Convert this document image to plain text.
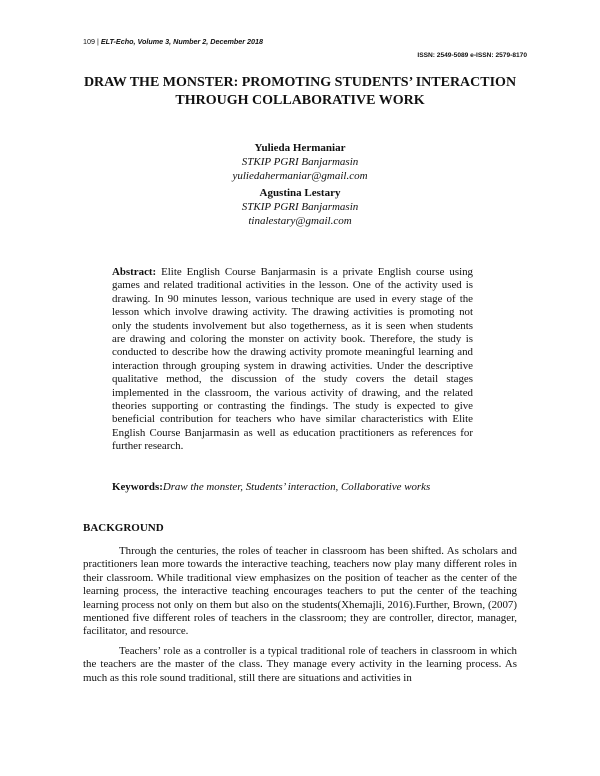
109 | ELT-Echo, Volume 3, Number 2, December 2018
ISSN: 2549-5089 e-ISSN: 2579-8170
DRAW THE MONSTER: PROMOTING STUDENTS’ INTERACTION
THROUGH COLLABORATIVE WORK
Yulieda Hermaniar
STKIP PGRI Banjarmasin
yuliedahermaniar@gmail.com
Agustina Lestary
STKIP PGRI Banjarmasin
tinalestary@gmail.com
Abstract: Elite English Course Banjarmasin is a private English course using games and related traditional activities in the lesson. One of the activity used is drawing. In 90 minutes lesson, various technique are used in every stage of the lesson which involve drawing activity. The drawing activities is promoting not only the students involvement but also togetherness, as it is seen when students are drawing and coloring the monster on activity book. Therefore, the study is conducted to describe how the drawing activity promote meaningful learning and interaction through grouping system in drawing activities. Under the descriptive qualitative method, the discussion of the study covers the detail stages implemented in the classroom, the various activity of drawing, and the related theories supporting or contrasting the findings. The study is expected to give beneficial contribution for teachers who have similar characteristics with Elite English Course Banjarmasin as well as education practitioners as references for further research.
Keywords:Draw the monster, Students’ interaction, Collaborative works
BACKGROUND

Through the centuries, the roles of teacher in classroom has been shifted. As scholars and practitioners lean more towards the interactive teaching, teachers now play many different roles in their classroom. While traditional view emphasizes on the position of teacher as the center of the learning process, the interactive teaching encourages teachers to put the center of the teaching learning process not only on them but also on the students(Xhemajli, 2016).Further, Brown, (2007) mentioned five different roles of teachers in the classroom; they are controller, director, manager, facilitator, and resource.

Teachers’ role as a controller is a typical traditional role of teachers in classroom in which the teachers are the master of the class. They manage every activity in the learning process. As much as this role sound traditional, still there are situations and activities in
